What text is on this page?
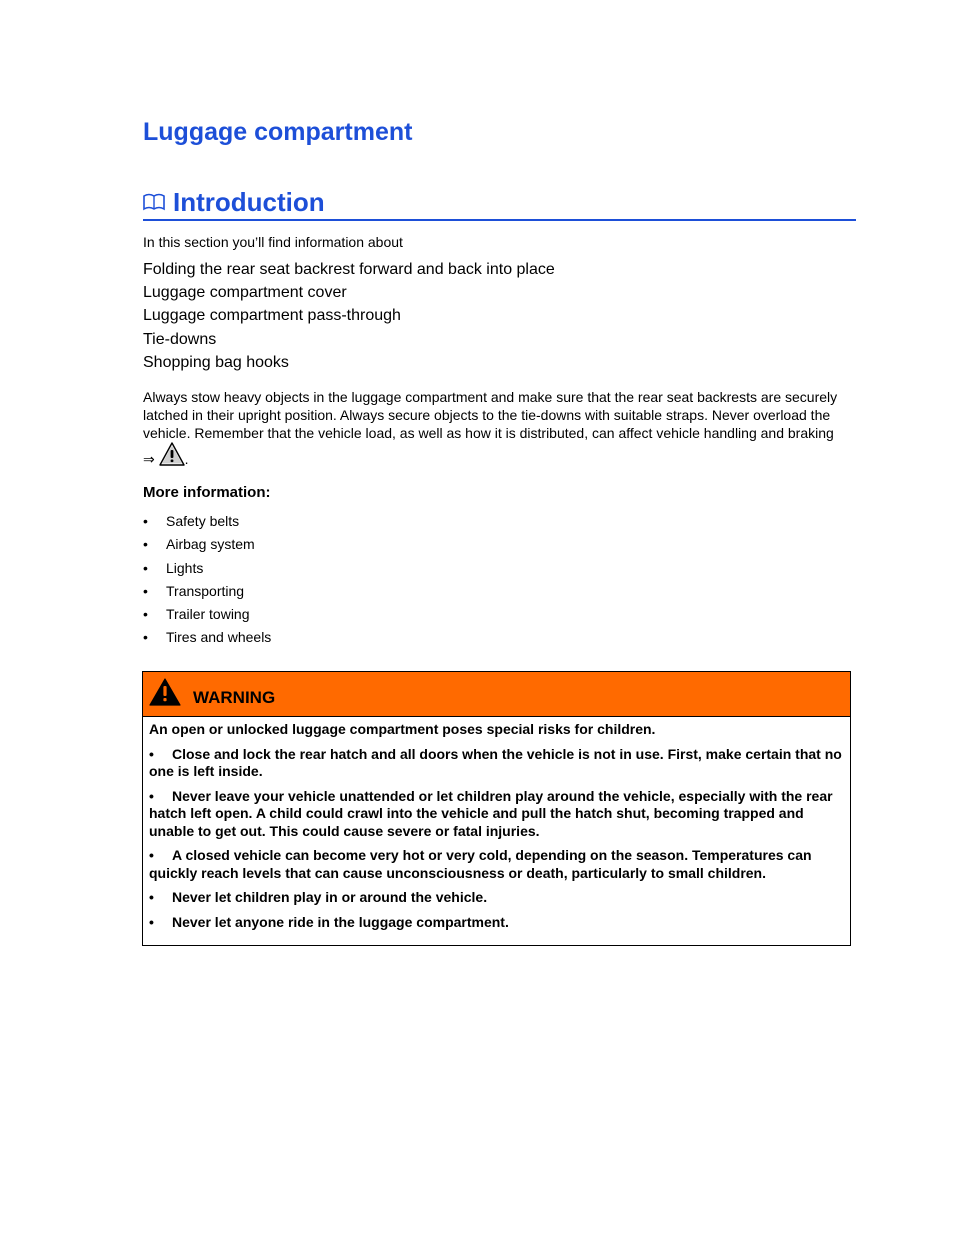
Luggage compartment
Introduction
In this section you’ll find information about
Folding the rear seat backrest forward and back into place
Luggage compartment cover
Luggage compartment pass-through
Tie-downs
Shopping bag hooks

Always stow heavy objects in the luggage compartment and make sure that the rear seat backrests are securely latched in their upright position. Always secure objects to the tie-downs with suitable straps. Never overload the vehicle. Remember that the vehicle load, as well as how it is distributed, can affect vehicle handling and braking ⇒ .

More information:
• Safety belts
• Airbag system
• Lights
• Transporting
• Trailer towing
• Tires and wheels
WARNING

An open or unlocked luggage compartment poses special risks for children.

• Close and lock the rear hatch and all doors when the vehicle is not in use. First, make certain that no one is left inside.

• Never leave your vehicle unattended or let children play around the vehicle, especially with the rear hatch left open. A child could crawl into the vehicle and pull the hatch shut, becoming trapped and unable to get out. This could cause severe or fatal injuries.

• A closed vehicle can become very hot or very cold, depending on the season. Temperatures can quickly reach levels that can cause unconsciousness or death, particularly to small children.

• Never let children play in or around the vehicle.

• Never let anyone ride in the luggage compartment.
